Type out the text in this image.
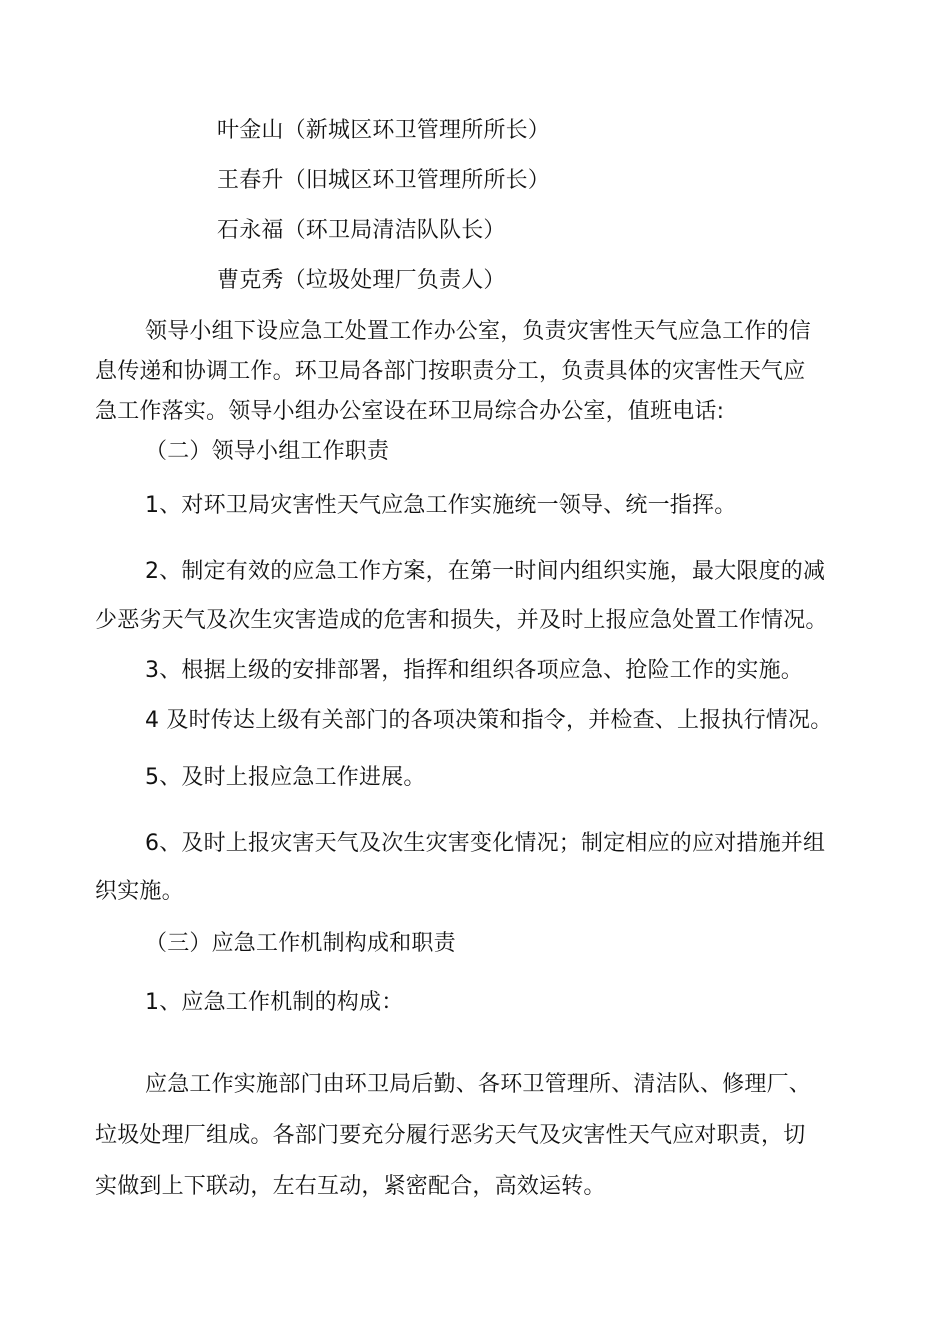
叶金山（新城区环卫管理所所长）
王春升（旧城区环卫管理所所长）
石永福（环卫局清洁队队长）
曹克秀（垃圾处理厂负责人）
领导小组下设应急工处置工作办公室，负责灾害性天气应急工作的信
息传递和协调工作。环卫局各部门按职责分工，负责具体的灾害性天气应
急工作落实。领导小组办公室设在环卫局综合办公室，值班电话:
（二）领导小组工作职责
1、对环卫局灾害性天气应急工作实施统一领导、统一指挥。
2、制定有效的应急工作方案，在第一时间内组织实施，最大限度的减
少恶劣天气及次生灾害造成的危害和损失，并及时上报应急处置工作情况。
3、根据上级的安排部署，指挥和组织各项应急、抢险工作的实施。
4 及时传达上级有关部门的各项决策和指令，并检查、上报执行情况。
5、及时上报应急工作进展。
6、及时上报灾害天气及次生灾害变化情况；制定相应的应对措施并组
织实施。
（三）应急工作机制构成和职责
1、应急工作机制的构成：
应急工作实施部门由环卫局后勤、各环卫管理所、清洁队、修理厂、
垃圾处理厂组成。各部门要充分履行恶劣天气及灾害性天气应对职责，切
实做到上下联动，左右互动，紧密配合，高效运转。
